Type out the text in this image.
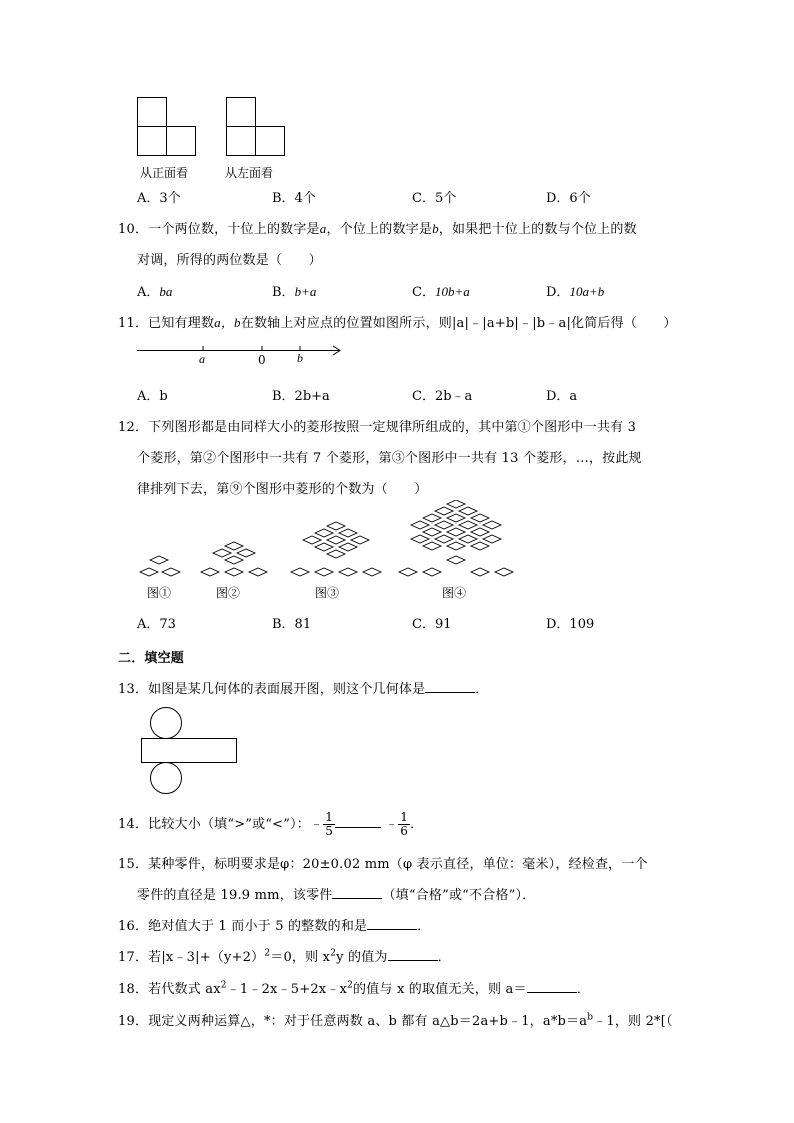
从正面看	从左面看
A．3个	B．4个	C．5个	D．6个
10．一个两位数，十位上的数字是a，个位上的数字是b，如果把十位上的数与个位上的数
对调，所得的两位数是（　　）
A．ba	B．b+a	C．10b+a	D．10a+b
11．已知有理数a，b在数轴上对应点的位置如图所示，则|a|﹣|a+b|﹣|b﹣a|化简后得（　　）
a	0	b
A．b	B．2b+a	C．2b﹣a	D．a
12．下列图形都是由同样大小的菱形按照一定规律所组成的，其中第①个图形中一共有 3
个菱形，第②个图形中一共有 7 个菱形，第③个图形中一共有 13 个菱形，…，按此规
律排列下去，第⑨个图形中菱形的个数为（　　）
图①	图②	图③	图④
A．73	B．81	C．91	D．109
二．填空题
13．如图是某几何体的表面展开图，则这个几何体是	．
14．比较大小（填“>”或“<”）：﹣ $\frac{1}{5}$	﹣ $\frac{1}{6}$ ．
15．某种零件，标明要求是φ：20±0.02 mm（φ 表示直径，单位：毫米），经检查，一个
零件的直径是 19.9 mm，该零件	（填“合格”或“不合格”）．
16．绝对值大于 1 而小于 5 的整数的和是	．
17．若$|x﹣3|+(y+2)^2=0$，则 $x^2y$ 的值为	．
18．若代数式 $ax^2﹣1﹣2x﹣5+2x﹣x^2$的值与 x 的取值无关，则 a＝	．
19．现定义两种运算△，*：对于任意两数 a、b 都有 a△b＝2a+b﹣1，$a*b=a^b﹣1$，则 2*[（
